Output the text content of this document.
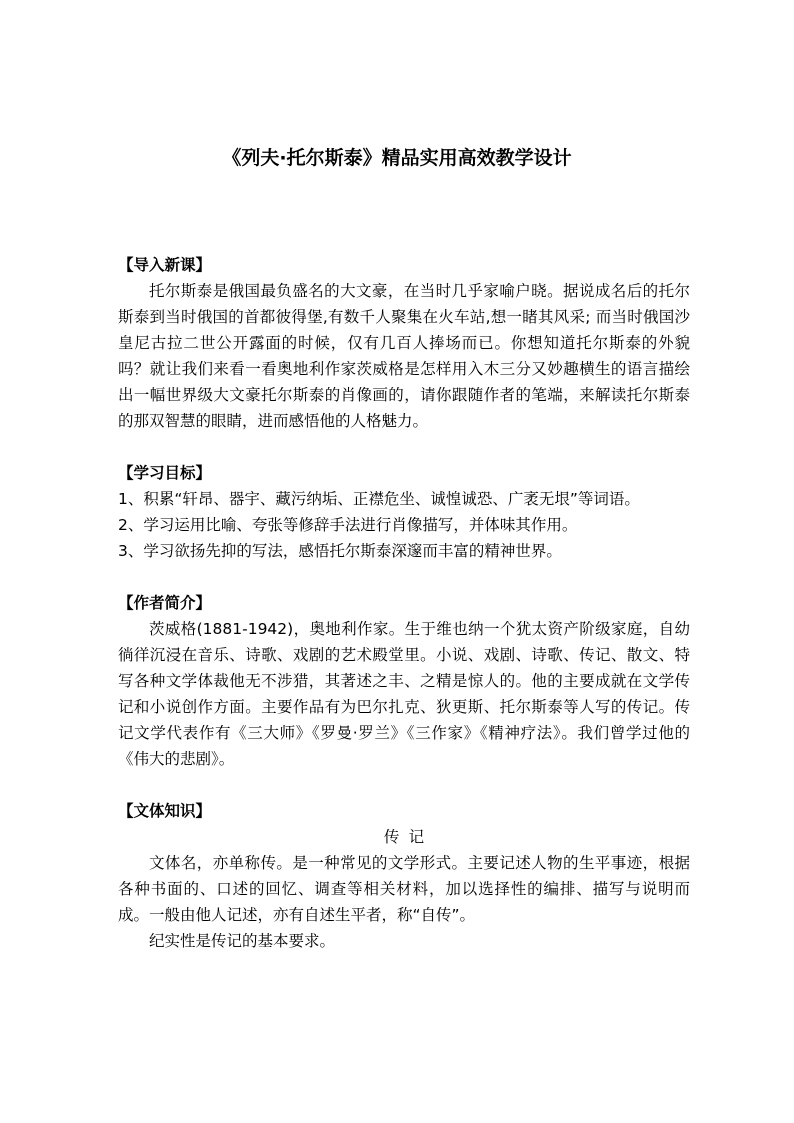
《列夫·托尔斯泰》精品实用高效教学设计

【导入新课】

托尔斯泰是俄国最负盛名的大文豪，在当时几乎家喻户晓。据说成名后的托尔斯泰到当时俄国的首都彼得堡,有数千人聚集在火车站,想一睹其风采; 而当时俄国沙皇尼古拉二世公开露面的时候，仅有几百人捧场而已。你想知道托尔斯泰的外貌吗？就让我们来看一看奥地利作家茨威格是怎样用入木三分又妙趣横生的语言描绘出一幅世界级大文豪托尔斯泰的肖像画的，请你跟随作者的笔端，来解读托尔斯泰的那双智慧的眼睛，进而感悟他的人格魅力。

【学习目标】

1、积累“轩昂、器宇、藏污纳垢、正襟危坐、诚惶诚恐、广袤无垠”等词语。

2、学习运用比喻、夸张等修辞手法进行肖像描写，并体味其作用。

3、学习欲扬先抑的写法，感悟托尔斯泰深邃而丰富的精神世界。

【作者简介】

茨威格(1881-1942)，奥地利作家。生于维也纳一个犹太资产阶级家庭，自幼徜徉沉浸在音乐、诗歌、戏剧的艺术殿堂里。小说、戏剧、诗歌、传记、散文、特写各种文学体裁他无不涉猎，其著述之丰、之精是惊人的。他的主要成就在文学传记和小说创作方面。主要作品有为巴尔扎克、狄更斯、托尔斯泰等人写的传记。传记文学代表作有《三大师》《罗曼·罗兰》《三作家》《精神疗法》。我们曾学过他的《伟大的悲剧》。

【文体知识】

传记

文体名，亦单称传。是一种常见的文学形式。主要记述人物的生平事迹，根据各种书面的、口述的回忆、调查等相关材料，加以选择性的编排、描写与说明而成。一般由他人记述，亦有自述生平者，称“自传”。

纪实性是传记的基本要求。
